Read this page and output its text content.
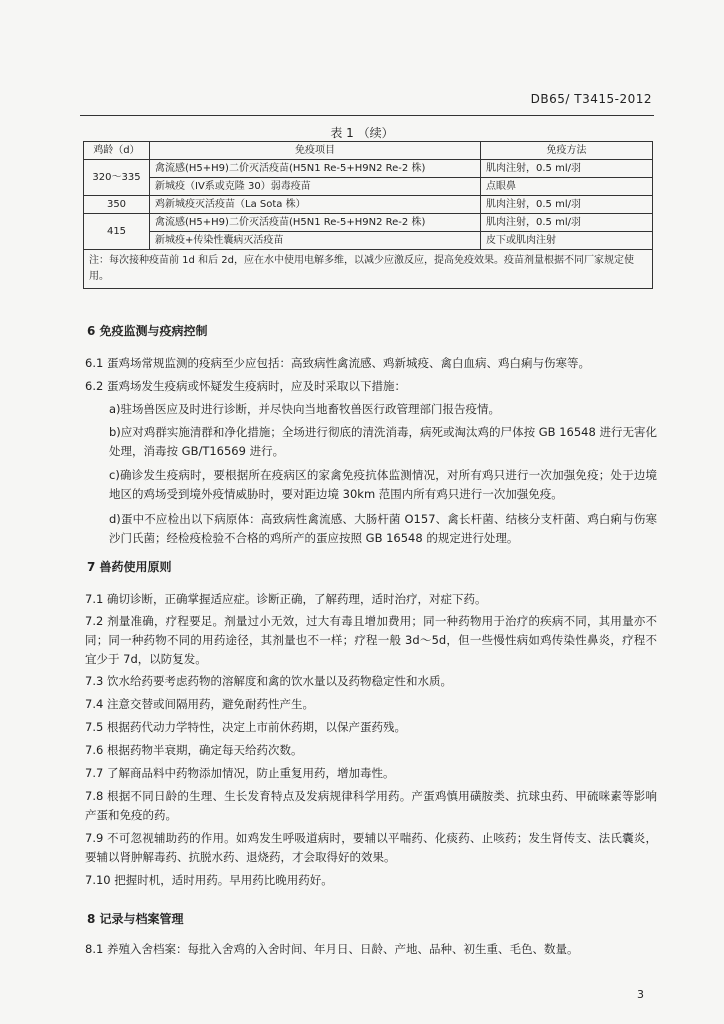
DB65/ T3415-2012
表 1 （续）
鸡龄（d）	免疫项目	免疫方法
320～335	禽流感(H5+H9)二价灭活疫苗(H5N1 Re-5+H9N2 Re-2 株)	肌肉注射，0.5 ml/羽
	新城疫（IV系或克隆 30）弱毒疫苗	点眼鼻
350	鸡新城疫灭活疫苗（La Sota 株）	肌肉注射，0.5 ml/羽
415	禽流感(H5+H9)二价灭活疫苗(H5N1 Re-5+H9N2 Re-2 株)	肌肉注射，0.5 ml/羽
	新城疫+传染性囊病灭活疫苗	皮下或肌肉注射
注：每次接种疫苗前 1d 和后 2d，应在水中使用电解多维，以减少应激反应，提高免疫效果。疫苗剂量根据不同厂家规定使用。		
6 免疫监测与疫病控制
6.1 蛋鸡场常规监测的疫病至少应包括：高致病性禽流感、鸡新城疫、禽白血病、鸡白痢与伤寒等。
6.2 蛋鸡场发生疫病或怀疑发生疫病时，应及时采取以下措施：
a)驻场兽医应及时进行诊断，并尽快向当地畜牧兽医行政管理部门报告疫情。
b)应对鸡群实施清群和净化措施；全场进行彻底的清洗消毒，病死或淘汰鸡的尸体按 GB 16548 进行无害化处理，消毒按 GB/T16569 进行。
c)确诊发生疫病时，要根据所在疫病区的家禽免疫抗体监测情况，对所有鸡只进行一次加强免疫；处于边境地区的鸡场受到境外疫情威胁时，要对距边境 30km 范围内所有鸡只进行一次加强免疫。
d)蛋中不应检出以下病原体：高致病性禽流感、大肠杆菌 O157、禽长杆菌、结核分支杆菌、鸡白痢与伤寒沙门氏菌；经检疫检验不合格的鸡所产的蛋应按照 GB 16548 的规定进行处理。
7 兽药使用原则
7.1 确切诊断，正确掌握适应症。诊断正确，了解药理，适时治疗，对症下药。
7.2 剂量准确，疗程要足。剂量过小无效，过大有毒且增加费用；同一种药物用于治疗的疾病不同，其用量亦不同；同一种药物不同的用药途径，其剂量也不一样；疗程一般 3d～5d，但一些慢性病如鸡传染性鼻炎，疗程不宜少于 7d，以防复发。
7.3 饮水给药要考虑药物的溶解度和禽的饮水量以及药物稳定性和水质。
7.4 注意交替或间隔用药，避免耐药性产生。
7.5 根据药代动力学特性，决定上市前休药期，以保产蛋药残。
7.6 根据药物半衰期，确定每天给药次数。
7.7 了解商品料中药物添加情况，防止重复用药，增加毒性。
7.8 根据不同日龄的生理、生长发育特点及发病规律科学用药。产蛋鸡慎用磺胺类、抗球虫药、甲硫咪素等影响产蛋和免疫的药。
7.9 不可忽视辅助药的作用。如鸡发生呼吸道病时，要辅以平喘药、化痰药、止咳药；发生肾传支、法氏囊炎，要辅以肾肿解毒药、抗脱水药、退烧药，才会取得好的效果。
7.10 把握时机，适时用药。早用药比晚用药好。
8 记录与档案管理
8.1 养殖入舍档案：每批入舍鸡的入舍时间、年月日、日龄、产地、品种、初生重、毛色、数量。
3
